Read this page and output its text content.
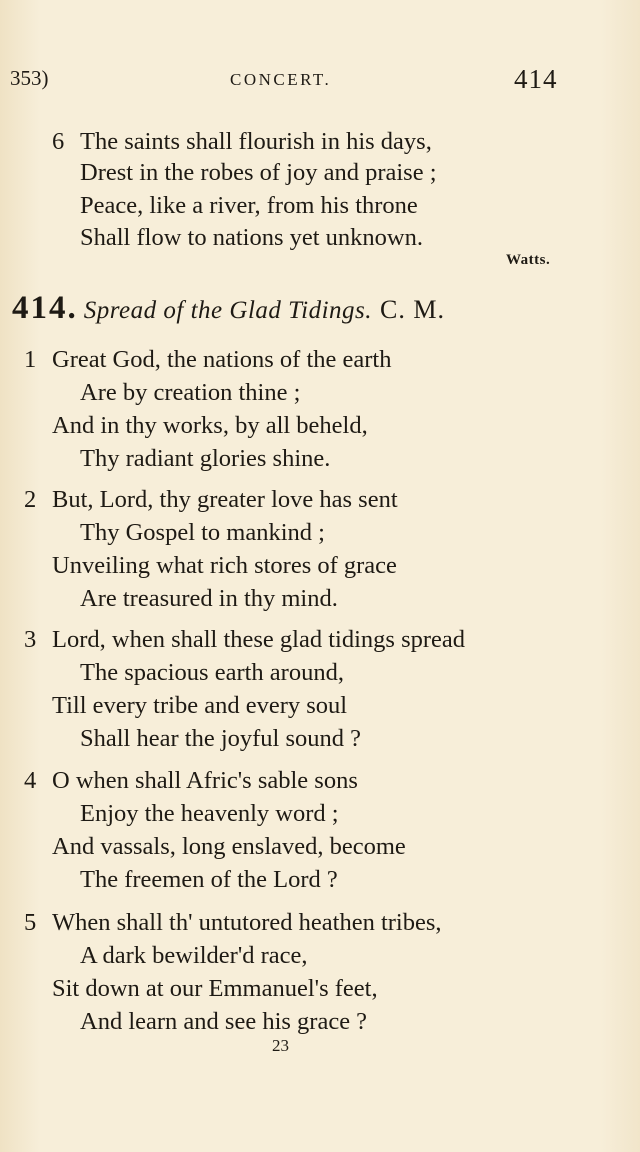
353)	CONCERT.	414
6 The saints shall flourish in his days,
Drest in the robes of joy and praise ;
Peace, like a river, from his throne
Shall flow to nations yet unknown.
Watts.
414. Spread of the Glad Tidings. C. M.
1 Great God, the nations of the earth
Are by creation thine ;
And in thy works, by all beheld,
Thy radiant glories shine.
2 But, Lord, thy greater love has sent
Thy Gospel to mankind ;
Unveiling what rich stores of grace
Are treasured in thy mind.
3 Lord, when shall these glad tidings spread
The spacious earth around,
Till every tribe and every soul
Shall hear the joyful sound ?
4 O when shall Afric's sable sons
Enjoy the heavenly word ;
And vassals, long enslaved, become
The freemen of the Lord ?
5 When shall th' untutored heathen tribes,
A dark bewilder'd race,
Sit down at our Emmanuel's feet,
And learn and see his grace ?
23
